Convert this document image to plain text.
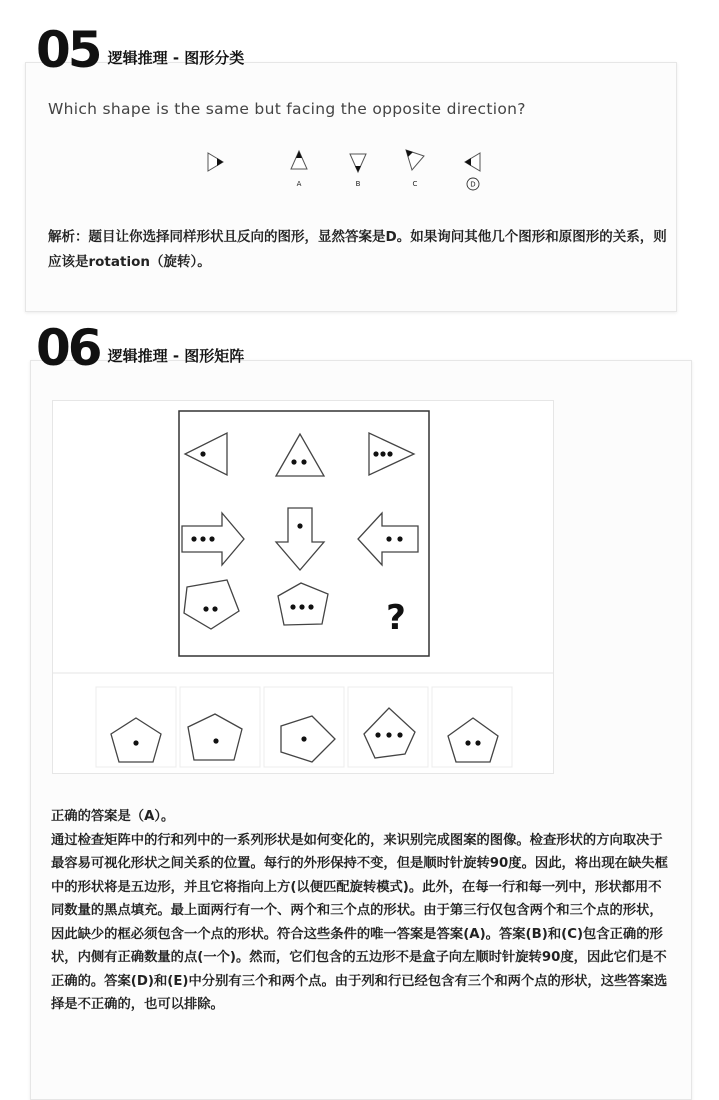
05 逻辑推理 - 图形分类
Which shape is the same but facing the opposite direction?
A	B	C	D
解析：题目让你选择同样形状且反向的图形，显然答案是D。如果询问其他几个图形和原图形的关系，则应该是rotation（旋转）。
06 逻辑推理 - 图形矩阵
?

正确的答案是（A）。

通过检查矩阵中的行和列中的一系列形状是如何变化的，来识别完成图案的图像。检查形状的方向取决于最容易可视化形状之间关系的位置。每行的外形保持不变，但是顺时针旋转90度。因此，将出现在缺失框中的形状将是五边形，并且它将指向上方(以便匹配旋转模式)。此外，在每一行和每一列中，形状都用不同数量的黑点填充。最上面两行有一个、两个和三个点的形状。由于第三行仅包含两个和三个点的形状，因此缺少的框必须包含一个点的形状。符合这些条件的唯一答案是答案(A)。答案(B)和(C)包含正确的形状，内侧有正确数量的点(一个)。然而，它们包含的五边形不是盒子向左顺时针旋转90度，因此它们是不正确的。答案(D)和(E)中分别有三个和两个点。由于列和行已经包含有三个和两个点的形状，这些答案选择是不正确的，也可以排除。
